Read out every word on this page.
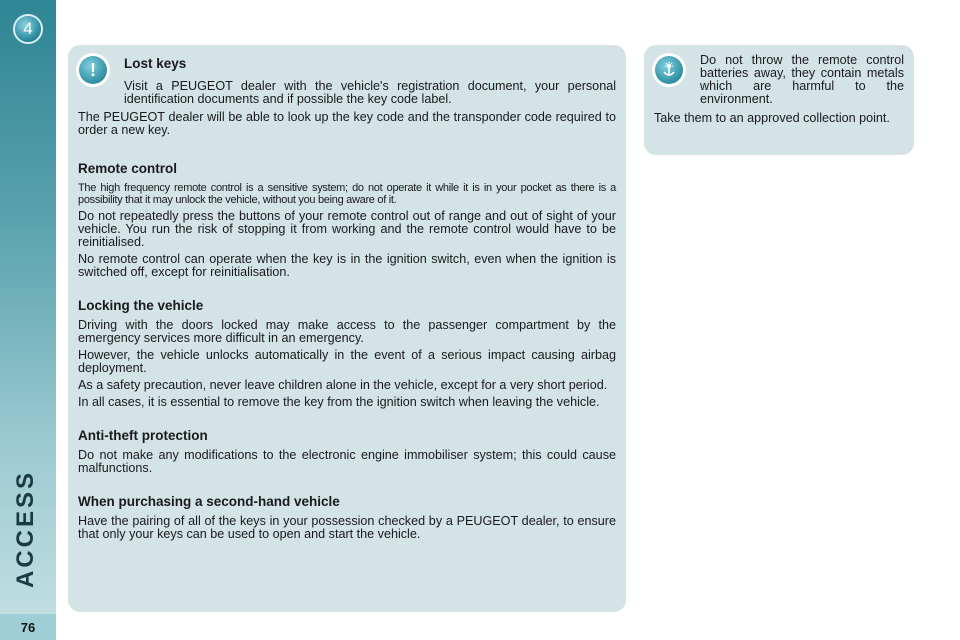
4
ACCESS
76
!	Lost keys

Visit a PEUGEOT dealer with the vehicle's registration document, your personal identification documents and if possible the key code label.

The PEUGEOT dealer will be able to look up the key code and the transponder code required to order a new key.

Remote control

The high frequency remote control is a sensitive system; do not operate it while it is in your pocket as there is a possibility that it may unlock the vehicle, without you being aware of it.

Do not repeatedly press the buttons of your remote control out of range and out of sight of your vehicle. You run the risk of stopping it from working and the remote control would have to be reinitialised.

No remote control can operate when the key is in the ignition switch, even when the ignition is switched off, except for reinitialisation.

Locking the vehicle

Driving with the doors locked may make access to the passenger compartment by the emergency services more difficult in an emergency.

However, the vehicle unlocks automatically in the event of a serious impact causing airbag deployment.

As a safety precaution, never leave children alone in the vehicle, except for a very short period.

In all cases, it is essential to remove the key from the ignition switch when leaving the vehicle.

Anti-theft protection

Do not make any modifications to the electronic engine immobiliser system; this could cause malfunctions.

When purchasing a second-hand vehicle

Have the pairing of all of the keys in your possession checked by a PEUGEOT dealer, to ensure that only your keys can be used to open and start the vehicle.

Do not throw the remote control batteries away, they contain metals which are harmful to the environment.

Take them to an approved collection point.
